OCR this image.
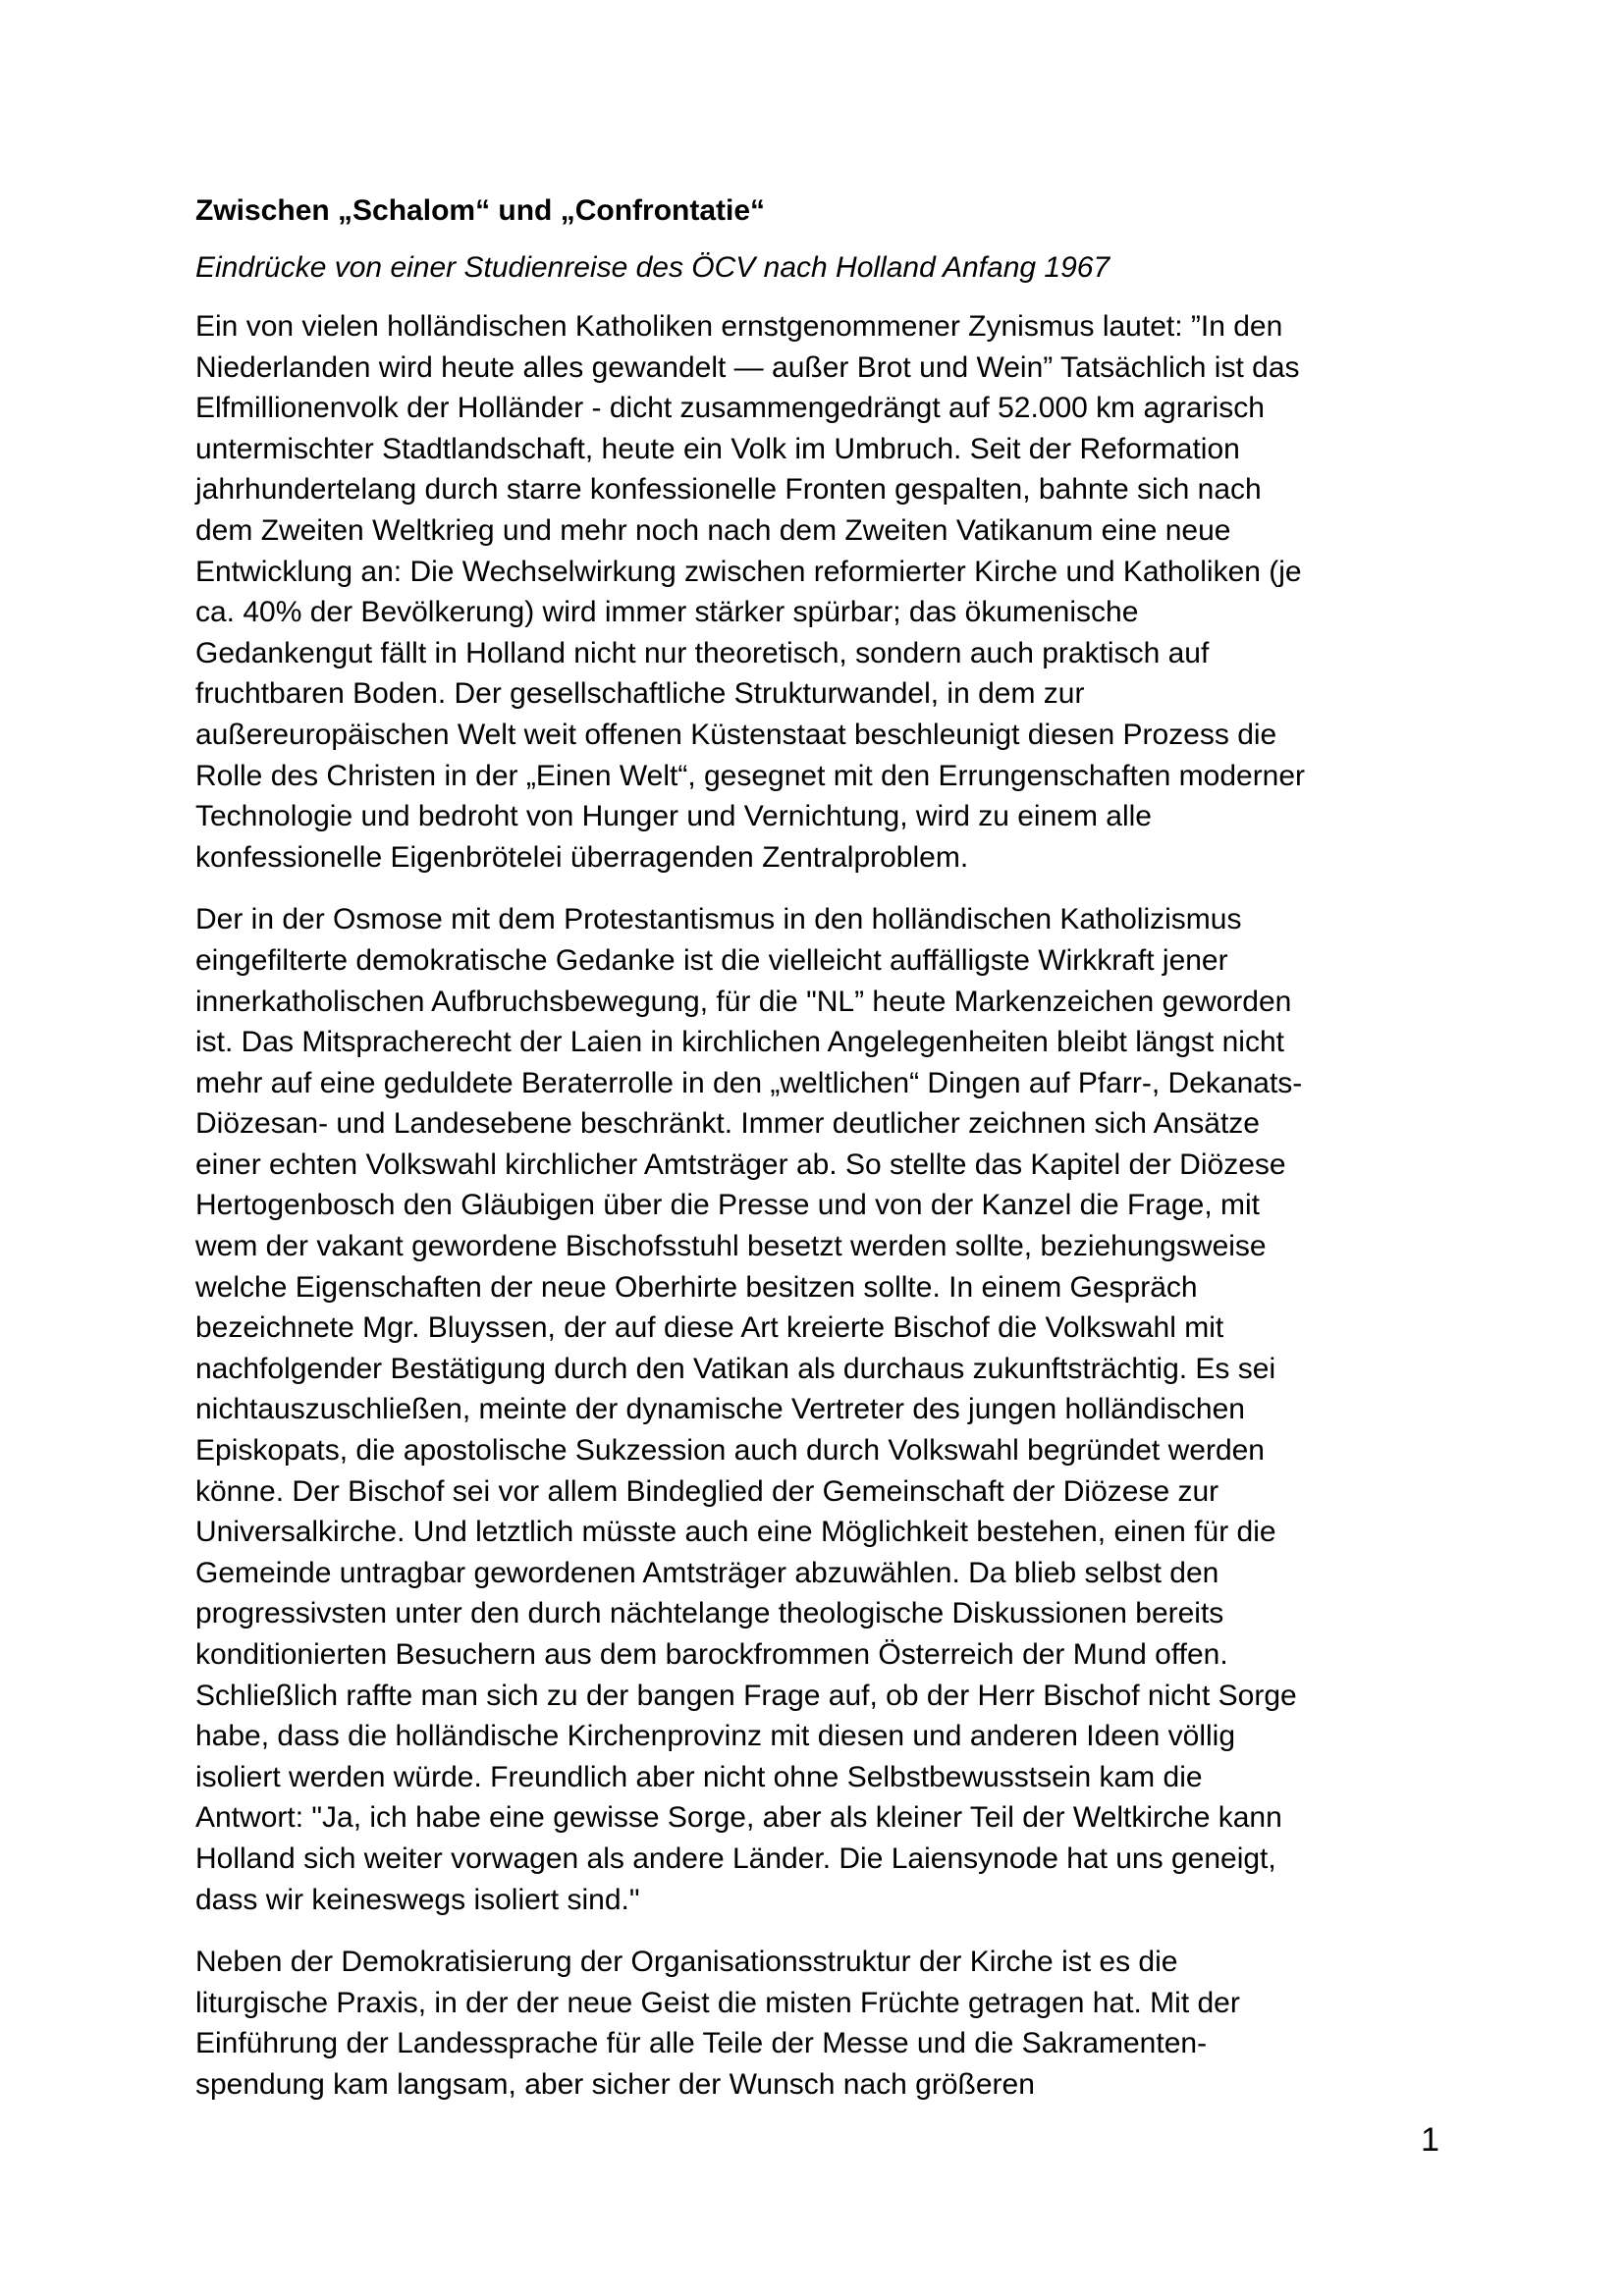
Zwischen „Schalom“ und „Confrontatie“
Eindrücke von einer Studienreise des ÖCV nach Holland Anfang 1967
Ein von vielen holländischen Katholiken ernstgenommener Zynismus lautet: ”In den
Niederlanden wird heute alles gewandelt — außer Brot und Wein” Tatsächlich ist das
Elfmillionenvolk der Holländer - dicht zusammengedrängt auf 52.000 km agrarisch
untermischter Stadtlandschaft, heute ein Volk im Umbruch. Seit der Reformation
jahrhundertelang durch starre konfessionelle Fronten gespalten, bahnte sich nach
dem Zweiten Weltkrieg und mehr noch nach dem Zweiten Vatikanum eine neue
Entwicklung an: Die Wechselwirkung zwischen reformierter Kirche und Katholiken (je
ca. 40% der Bevölkerung) wird immer stärker spürbar; das ökumenische
Gedankengut fällt in Holland nicht nur theoretisch, sondern auch praktisch auf
fruchtbaren Boden. Der gesellschaftliche Strukturwandel, in dem zur
außereuropäischen Welt weit offenen Küstenstaat beschleunigt diesen Prozess die
Rolle des Christen in der „Einen Welt“, gesegnet mit den Errungenschaften moderner
Technologie und bedroht von Hunger und Vernichtung, wird zu einem alle
konfessionelle Eigenbrötelei überragenden Zentralproblem.
Der in der Osmose mit dem Protestantismus in den holländischen Katholizismus
eingefilterte demokratische Gedanke ist die vielleicht auffälligste Wirkkraft jener
innerkatholischen Aufbruchsbewegung, für die "NL” heute Markenzeichen geworden
ist. Das Mitspracherecht der Laien in kirchlichen Angelegenheiten bleibt längst nicht
mehr auf eine geduldete Beraterrolle in den „weltlichen“ Dingen auf Pfarr-, Dekanats-
Diözesan- und Landesebene beschränkt. Immer deutlicher zeichnen sich Ansätze
einer echten Volkswahl kirchlicher Amtsträger ab. So stellte das Kapitel der Diözese
Hertogenbosch den Gläubigen über die Presse und von der Kanzel die Frage, mit
wem der vakant gewordene Bischofsstuhl besetzt werden sollte, beziehungsweise
welche Eigenschaften der neue Oberhirte besitzen sollte. In einem Gespräch
bezeichnete Mgr. Bluyssen, der auf diese Art kreierte Bischof die Volkswahl mit
nachfolgender Bestätigung durch den Vatikan als durchaus zukunftsträchtig. Es sei
nichtauszuschließen, meinte der dynamische Vertreter des jungen holländischen
Episkopats, die apostolische Sukzession auch durch Volkswahl begründet werden
könne. Der Bischof sei vor allem Bindeglied der Gemeinschaft der Diözese zur
Universalkirche. Und letztlich müsste auch eine Möglichkeit bestehen, einen für die
Gemeinde untragbar gewordenen Amtsträger abzuwählen. Da blieb selbst den
progressivsten unter den durch nächtelange theologische Diskussionen bereits
konditionierten Besuchern aus dem barockfrommen Österreich der Mund offen.
Schließlich raffte man sich zu der bangen Frage auf, ob der Herr Bischof nicht Sorge
habe, dass die holländische Kirchenprovinz mit diesen und anderen Ideen völlig
isoliert werden würde. Freundlich aber nicht ohne Selbstbewusstsein kam die
Antwort: "Ja, ich habe eine gewisse Sorge, aber als kleiner Teil der Weltkirche kann
Holland sich weiter vorwagen als andere Länder. Die Laiensynode hat uns geneigt,
dass wir keineswegs isoliert sind."
Neben der Demokratisierung der Organisationsstruktur der Kirche ist es die
liturgische Praxis, in der der neue Geist die misten Früchte getragen hat. Mit der
Einführung der Landessprache für alle Teile der Messe und die Sakramenten-
spendung kam langsam, aber sicher der Wunsch nach größeren
1
